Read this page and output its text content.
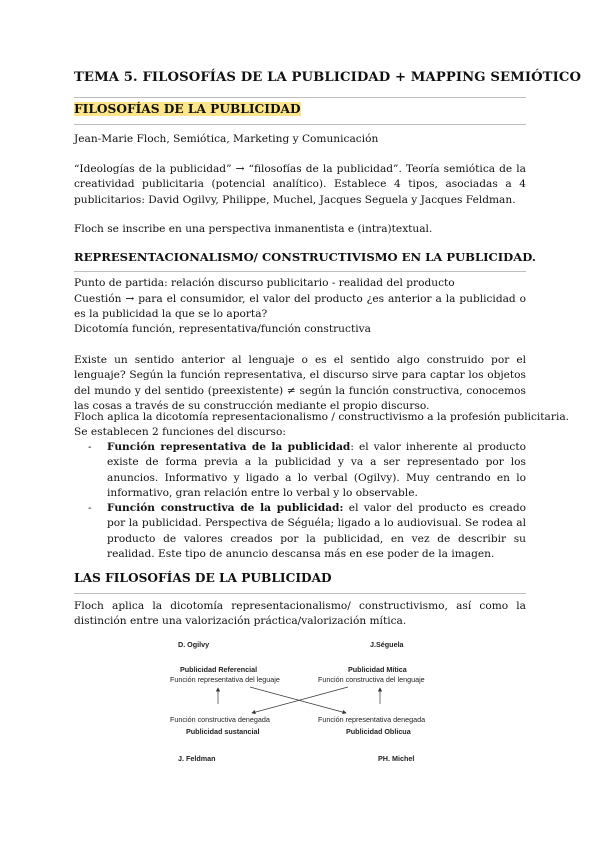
TEMA 5. FILOSOFÍAS DE LA PUBLICIDAD + MAPPING SEMIÓTICO
FILOSOFÍAS DE LA PUBLICIDAD
Jean-Marie Floch, Semiótica, Marketing y Comunicación
“Ideologías de la publicidad” → “filosofías de la publicidad”. Teoría semiótica de la creatividad publicitaria (potencial analítico). Establece 4 tipos, asociadas a 4 publicitarios: David Ogilvy, Philippe, Muchel, Jacques Seguela y Jacques Feldman.
Floch se inscribe en una perspectiva inmanentista e (intra)textual.
REPRESENTACIONALISMO/ CONSTRUCTIVISMO EN LA PUBLICIDAD.
Punto de partida: relación discurso publicitario - realidad del producto
Cuestión → para el consumidor, el valor del producto ¿es anterior a la publicidad o es la publicidad la que se lo aporta?
Dicotomía función, representativa/función constructiva
Existe un sentido anterior al lenguaje o es el sentido algo construido por el lenguaje? Según la función representativa, el discurso sirve para captar los objetos del mundo y del sentido (preexistente) ≠ según la función constructiva, conocemos las cosas a través de su construcción mediante el propio discurso.
Floch aplica la dicotomía representacionalismo / constructivismo a la profesión publicitaria.
Se establecen 2 funciones del discurso:
- Función representativa de la publicidad: el valor inherente al producto existe de forma previa a la publicidad y va a ser representado por los anuncios. Informativo y ligado a lo verbal (Ogilvy). Muy centrando en lo informativo, gran relación entre lo verbal y lo observable.
- Función constructiva de la publicidad: el valor del producto es creado por la publicidad. Perspectiva de Séguéla; ligado a lo audiovisual. Se rodea al producto de valores creados por la publicidad, en vez de describir su realidad. Este tipo de anuncio descansa más en ese poder de la imagen.
LAS FILOSOFÍAS DE LA PUBLICIDAD
Floch aplica la dicotomía representacionalismo/ constructivismo, así como la distinción entre una valorización práctica/valorización mítica.
D. Ogilvy	J.Séguela
Publicidad Referencial
Función representativa del leguaje
Publicidad Mítica
Función constructiva del lenguaje
Función constructiva denegada
Publicidad sustancial
Función representativa denegada
Publicidad Oblicua
J. Feldman	PH. Michel
